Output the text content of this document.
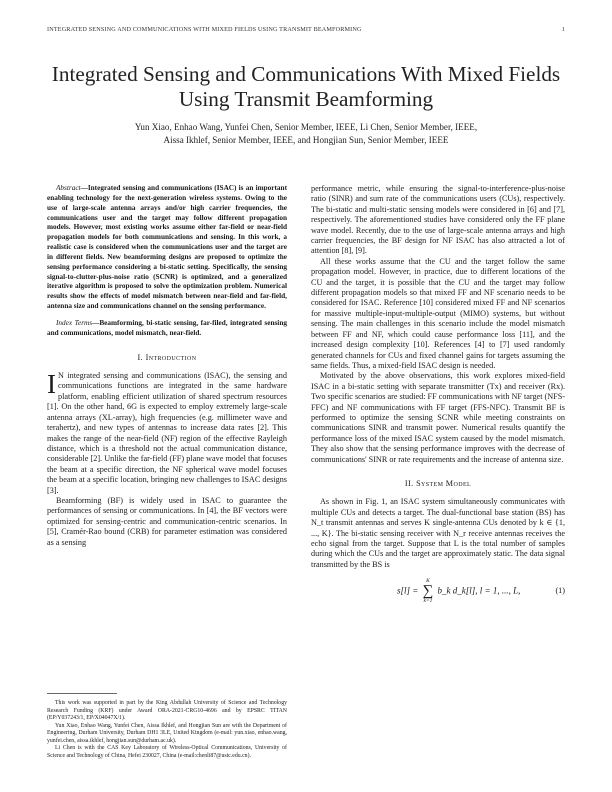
INTEGRATED SENSING AND COMMUNICATIONS WITH MIXED FIELDS USING TRANSMIT BEAMFORMING	1
Integrated Sensing and Communications With Mixed Fields Using Transmit Beamforming
Yun Xiao, Enhao Wang, Yunfei Chen, Senior Member, IEEE, Li Chen, Senior Member, IEEE,
Aissa Ikhlef, Senior Member, IEEE, and Hongjian Sun, Senior Member, IEEE

Abstract—Integrated sensing and communications (ISAC) is an important enabling technology for the next-generation wireless systems. Owing to the use of large-scale antenna arrays and/or high carrier frequencies, the communications user and the target may follow different propagation models. However, most existing works assume either far-field or near-field propagation models for both communications and sensing. In this work, a realistic case is considered when the communications user and the target are in different fields. New beamforming designs are proposed to optimize the sensing performance considering a bi-static setting. Specifically, the sensing signal-to-clutter-plus-noise ratio (SCNR) is optimized, and a generalized iterative algorithm is proposed to solve the optimization problem. Numerical results show the effects of model mismatch between near-field and far-field, antenna size and communications channel on the sensing performance.

Index Terms—Beamforming, bi-static sensing, far-filed, integrated sensing and communications, model mismatch, near-field.

I. Introduction

I N integrated sensing and communications (ISAC), the sensing and communications functions are integrated in the same hardware platform, enabling efficient utilization of shared spectrum resources [1]. On the other hand, 6G is expected to employ extremely large-scale antenna arrays (XL-array), high frequencies (e.g. millimeter wave and terahertz), and new types of antennas to increase data rates [2]. This makes the range of the near-field (NF) region of the effective Rayleigh distance, which is a threshold not the actual communication distance, considerable [2]. Unlike the far-field (FF) plane wave model that focuses the beam at a specific direction, the NF spherical wave model focuses the beam at a specific location, bringing new challenges to ISAC designs [3].

Beamforming (BF) is widely used in ISAC to guarantee the performances of sensing or communications. In [4], the BF vectors were optimized for sensing-centric and communication-centric scenarios. In [5], Cramér-Rao bound (CRB) for parameter estimation was considered as a sensing

This work was supported in part by the King Abdullah University of Science and Technology Research Funding (KRF) under Award ORA-2021-CRG10-4696 and by EPSRC TITAN (EP/Y037243/1, EP/X04047X/1).

Yun Xiao, Enhao Wang, Yunfei Chen, Aissa Ikhlef, and Hongjian Sun are with the Department of Engineering, Durham University, Durham DH1 3LE, United Kingdom (e-mail: yun.xiao, enhao.wang, yunfei.chen, aissa.ikhlef, hongjian.sun@durham.ac.uk).

Li Chen is with the CAS Key Laboratory of Wireless-Optical Communications, University of Science and Technology of China, Hefei 230027, China (e-mail:chenli87@ustc.edu.cn).

performance metric, while ensuring the signal-to-interference-plus-noise ratio (SINR) and sum rate of the communications users (CUs), respectively. The bi-static and multi-static sensing models were considered in [6] and [7], respectively. The aforementioned studies have considered only the FF plane wave model. Recently, due to the use of large-scale antenna arrays and high carrier frequencies, the BF design for NF ISAC has also attracted a lot of attention [8], [9].

All these works assume that the CU and the target follow the same propagation model. However, in practice, due to different locations of the CU and the target, it is possible that the CU and the target may follow different propagation models so that mixed FF and NF scenario needs to be considered for ISAC. Reference [10] considered mixed FF and NF scenarios for massive multiple-input-multiple-output (MIMO) systems, but without sensing. The main challenges in this scenario include the model mismatch between FF and NF, which could cause performance loss [11], and the increased design complexity [10]. References [4] to [7] used randomly generated channels for CUs and fixed channel gains for targets assuming the same fields. Thus, a mixed-field ISAC design is needed.

Motivated by the above observations, this work explores mixed-field ISAC in a bi-static setting with separate transmitter (Tx) and receiver (Rx). Two specific scenarios are studied: FF communications with NF target (NFS-FFC) and NF communications with FF target (FFS-NFC). Transmit BF is performed to optimize the sensing SCNR while meeting constraints on communications SINR and transmit power. Numerical results quantify the performance loss of the mixed ISAC system caused by the model mismatch. They also show that the sensing performance improves with the decrease of communications' SINR or rate requirements and the increase of antenna size.

II. System Model

As shown in Fig. 1, an ISAC system simultaneously communicates with multiple CUs and detects a target. The dual-functional base station (BS) has N_t transmit antennas and serves K single-antenna CUs denoted by k ∈ {1, ..., K}. The bi-static sensing receiver with N_r receive antennas receives the echo signal from the target. Suppose that L is the total number of samples during which the CUs and the target are approximately static. The data signal transmitted by the BS is

s[l] =
K
∑
k=1
b_k d_k[l], l = 1, ..., L,	(1)
